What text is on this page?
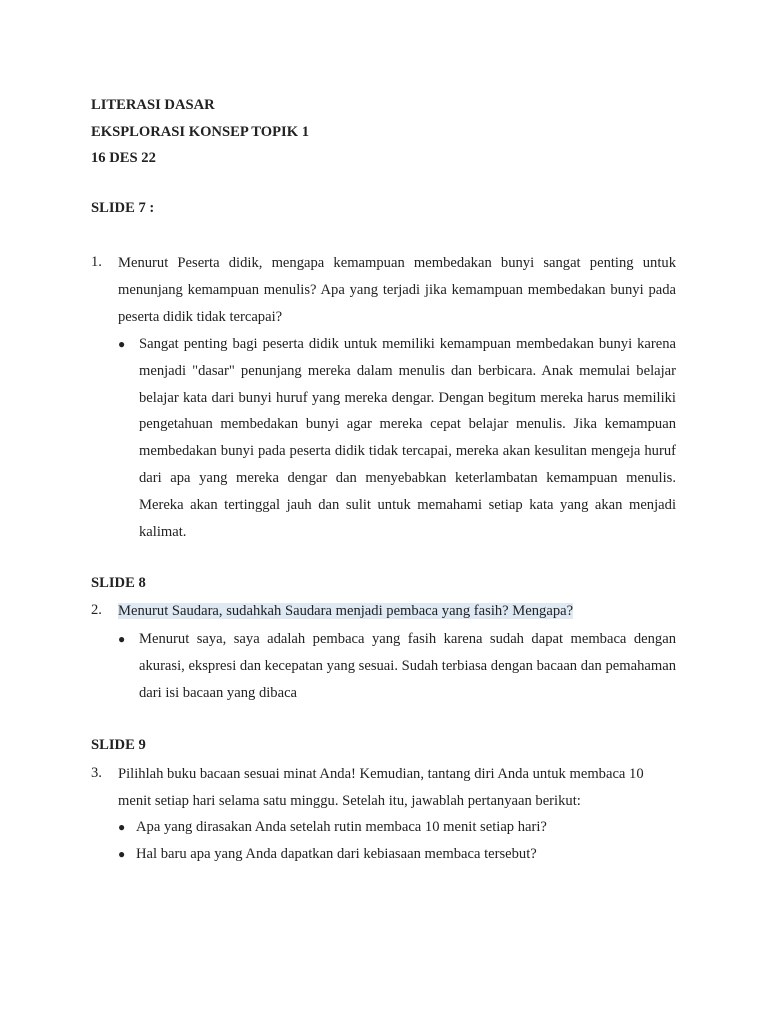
LITERASI DASAR
EKSPLORASI KONSEP TOPIK 1
16 DES 22
SLIDE 7 :
1. Menurut Peserta didik, mengapa kemampuan membedakan bunyi sangat penting untuk menunjang kemampuan menulis? Apa yang terjadi jika kemampuan membedakan bunyi pada peserta didik tidak tercapai?
● Sangat penting bagi peserta didik untuk memiliki kemampuan membedakan bunyi karena menjadi "dasar" penunjang mereka dalam menulis dan berbicara. Anak memulai belajar belajar kata dari bunyi huruf yang mereka dengar. Dengan begitum mereka harus memiliki pengetahuan membedakan bunyi agar mereka cepat belajar menulis. Jika kemampuan membedakan bunyi pada peserta didik tidak tercapai, mereka akan kesulitan mengeja huruf dari apa yang mereka dengar dan menyebabkan keterlambatan kemampuan menulis. Mereka akan tertinggal jauh dan sulit untuk memahami setiap kata yang akan menjadi kalimat.
SLIDE 8
2. Menurut Saudara, sudahkah Saudara menjadi pembaca yang fasih? Mengapa?
● Menurut saya, saya adalah pembaca yang fasih karena sudah dapat membaca dengan akurasi, ekspresi dan kecepatan yang sesuai. Sudah terbiasa dengan bacaan dan pemahaman dari isi bacaan yang dibaca
SLIDE 9
3. Pilihlah buku bacaan sesuai minat Anda! Kemudian, tantang diri Anda untuk membaca 10 menit setiap hari selama satu minggu. Setelah itu, jawablah pertanyaan berikut:
● Apa yang dirasakan Anda setelah rutin membaca 10 menit setiap hari?
● Hal baru apa yang Anda dapatkan dari kebiasaan membaca tersebut?
